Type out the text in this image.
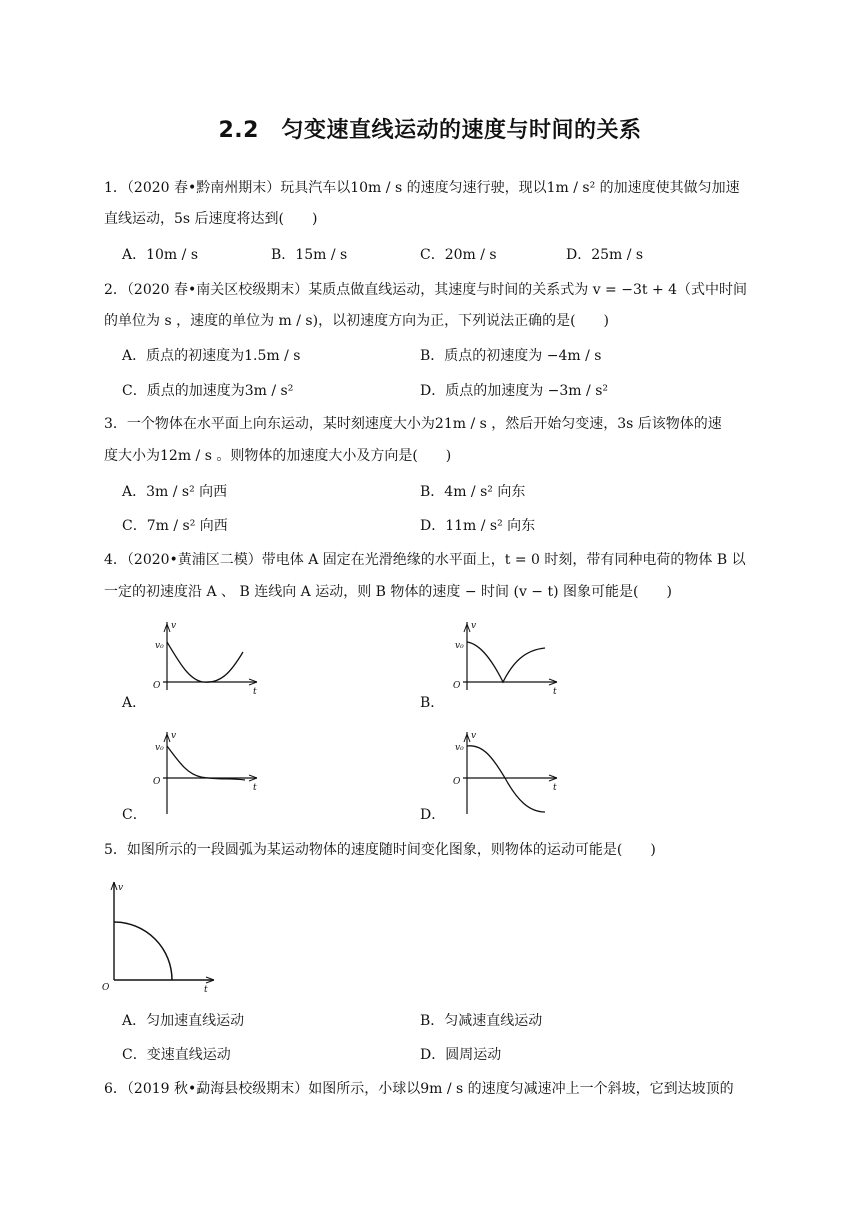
2.2　匀变速直线运动的速度与时间的关系
1．（2020 春•黔南州期末）玩具汽车以10m / s 的速度匀速行驶，现以1m / s² 的加速度使其做匀加速
直线运动，5s 后速度将达到(　　)
A．10m / s	B．15m / s	C．20m / s	D．25m / s
2．（2020 春•南关区校级期末）某质点做直线运动，其速度与时间的关系式为 v = −3t + 4（式中时间
的单位为 s ，速度的单位为 m / s)，以初速度方向为正，下列说法正确的是(　　)
A．质点的初速度为1.5m / s	B．质点的初速度为 −4m / s
C．质点的加速度为3m / s²	D．质点的加速度为 −3m / s²
3．一个物体在水平面上向东运动，某时刻速度大小为21m / s ，然后开始匀变速，3s 后该物体的速
度大小为12m / s 。则物体的加速度大小及方向是(　　)
A．3m / s² 向西	B．4m / s² 向东
C．7m / s² 向西	D．11m / s² 向东
4．（2020•黄浦区二模）带电体 A 固定在光滑绝缘的水平面上，t = 0 时刻，带有同种电荷的物体 B 以
一定的初速度沿 A 、 B 连线向 A 运动，则 B 物体的速度 − 时间 (v − t) 图象可能是(　　)
v₀
v
O
t
A．
v₀
v
O
t
B．
v₀
v
O
t
C．
v₀
v
O
t
D．
5．如图所示的一段圆弧为某运动物体的速度随时间变化图象，则物体的运动可能是(　　)
v
O	t
A．匀加速直线运动	B．匀减速直线运动
C．变速直线运动	D．圆周运动
6．（2019 秋•勐海县校级期末）如图所示，小球以9m / s 的速度匀减速冲上一个斜坡，它到达坡顶的
